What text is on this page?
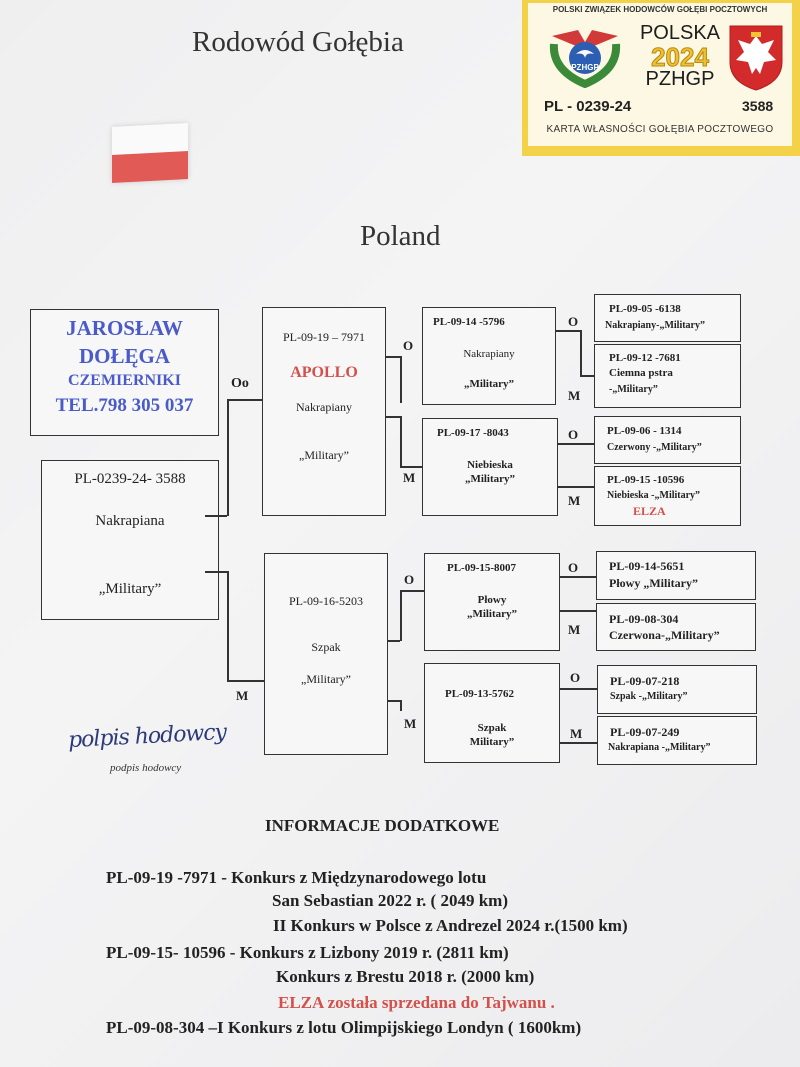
Rodowód Gołębia
POLSKI ZWIĄZEK HODOWCÓW GOŁĘBI POCZTOWYCH
PZHGP
POLSKA
2024
PZHGP
PL - 0239-24	3588
KARTA WŁASNOŚCI GOŁĘBIA POCZTOWEGO
Poland
JAROSŁAW
DOŁĘGA
CZEMIERNIKI
TEL.798 305 037
PL-0239-24- 3588
Nakrapiana
„Military”
PL-09-19 – 7971
APOLLO
Nakrapiany
„Military”
PL-09-16-5203
Szpak
„Military”
PL-09-14 -5796
Nakrapiany
„Military”
PL-09-17 -8043
Niebieska
„Military”
PL-09-15-8007
Płowy
„Military”
PL-09-13-5762
Szpak
Military”
PL-09-05 -6138
Nakrapiany-„Military”
PL-09-12 -7681
Ciemna pstra
-„Military”
PL-09-06 - 1314
Czerwony -„Military”
PL-09-15 -10596
Niebieska -„Military”
ELZA
PL-09-14-5651
Płowy „Military”
PL-09-08-304
Czerwona-„Military”
PL-09-07-218
Szpak -„Military”
PL-09-07-249
Nakrapiana -„Military”
Oo
M
O
M
O
M
O
M
O
M
O
M
O
M
polpis hodowcy
podpis hodowcy
INFORMACJE DODATKOWE
PL-09-19 -7971 - Konkurs z Międzynarodowego lotu
San Sebastian 2022 r. ( 2049 km)
II Konkurs w Polsce z Andrezel 2024 r.(1500 km)
PL-09-15- 10596 - Konkurs z Lizbony 2019 r. (2811 km)
Konkurs z Brestu 2018 r. (2000 km)
ELZA została sprzedana do Tajwanu .
PL-09-08-304 –I Konkurs z lotu Olimpijskiego Londyn ( 1600km)
